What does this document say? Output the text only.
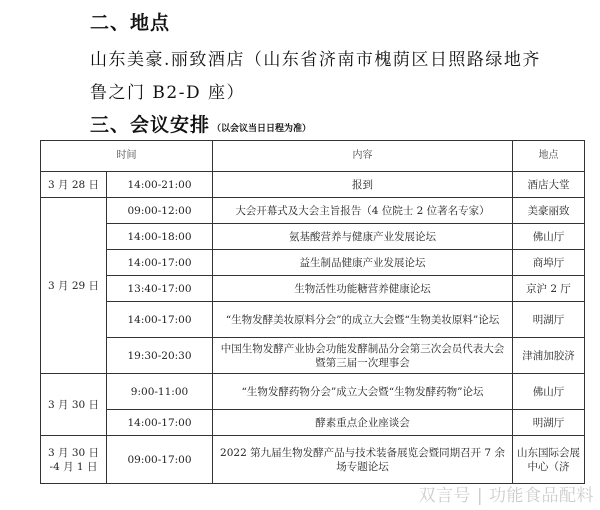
二、地点
山东美豪.丽致酒店（山东省济南市槐荫区日照路绿地齐
鲁之门 B2-D 座）
三、会议安排 （以会议当日日程为准）
时间		内容	地点
3 月 28 日	14:00-21:00	报到	酒店大堂
3 月 29 日	09:00-12:00	大会开幕式及大会主旨报告（4 位院士 2 位著名专家）	美豪丽致
	14:00-18:00	氨基酸营养与健康产业发展论坛	佛山厅
	14:00-17:00	益生制品健康产业发展论坛	商埠厅
	13:40-17:00	生物活性功能糖营养健康论坛	京沪 2 厅
	14:00-17:00	“生物发酵美妆原料分会”的成立大会暨“生物美妆原料”论坛	明湖厅
	19:30-20:30	中国生物发酵产业协会功能发酵制品分会第三次会员代表大会暨第三届一次理事会	津浦加胶济
3 月 30 日	9:00-11:00	“生物发酵药物分会”成立大会暨“生物发酵药物”论坛	佛山厅
	14:00-17:00	酵素重点企业座谈会	明湖厅
3 月 30 日 -4 月 1 日	09:00-17:00	2022 第九届生物发酵产品与技术装备展览会暨同期召开 7 余场专题论坛	山东国际会展中心（济
双言号 | 功能食品配料
